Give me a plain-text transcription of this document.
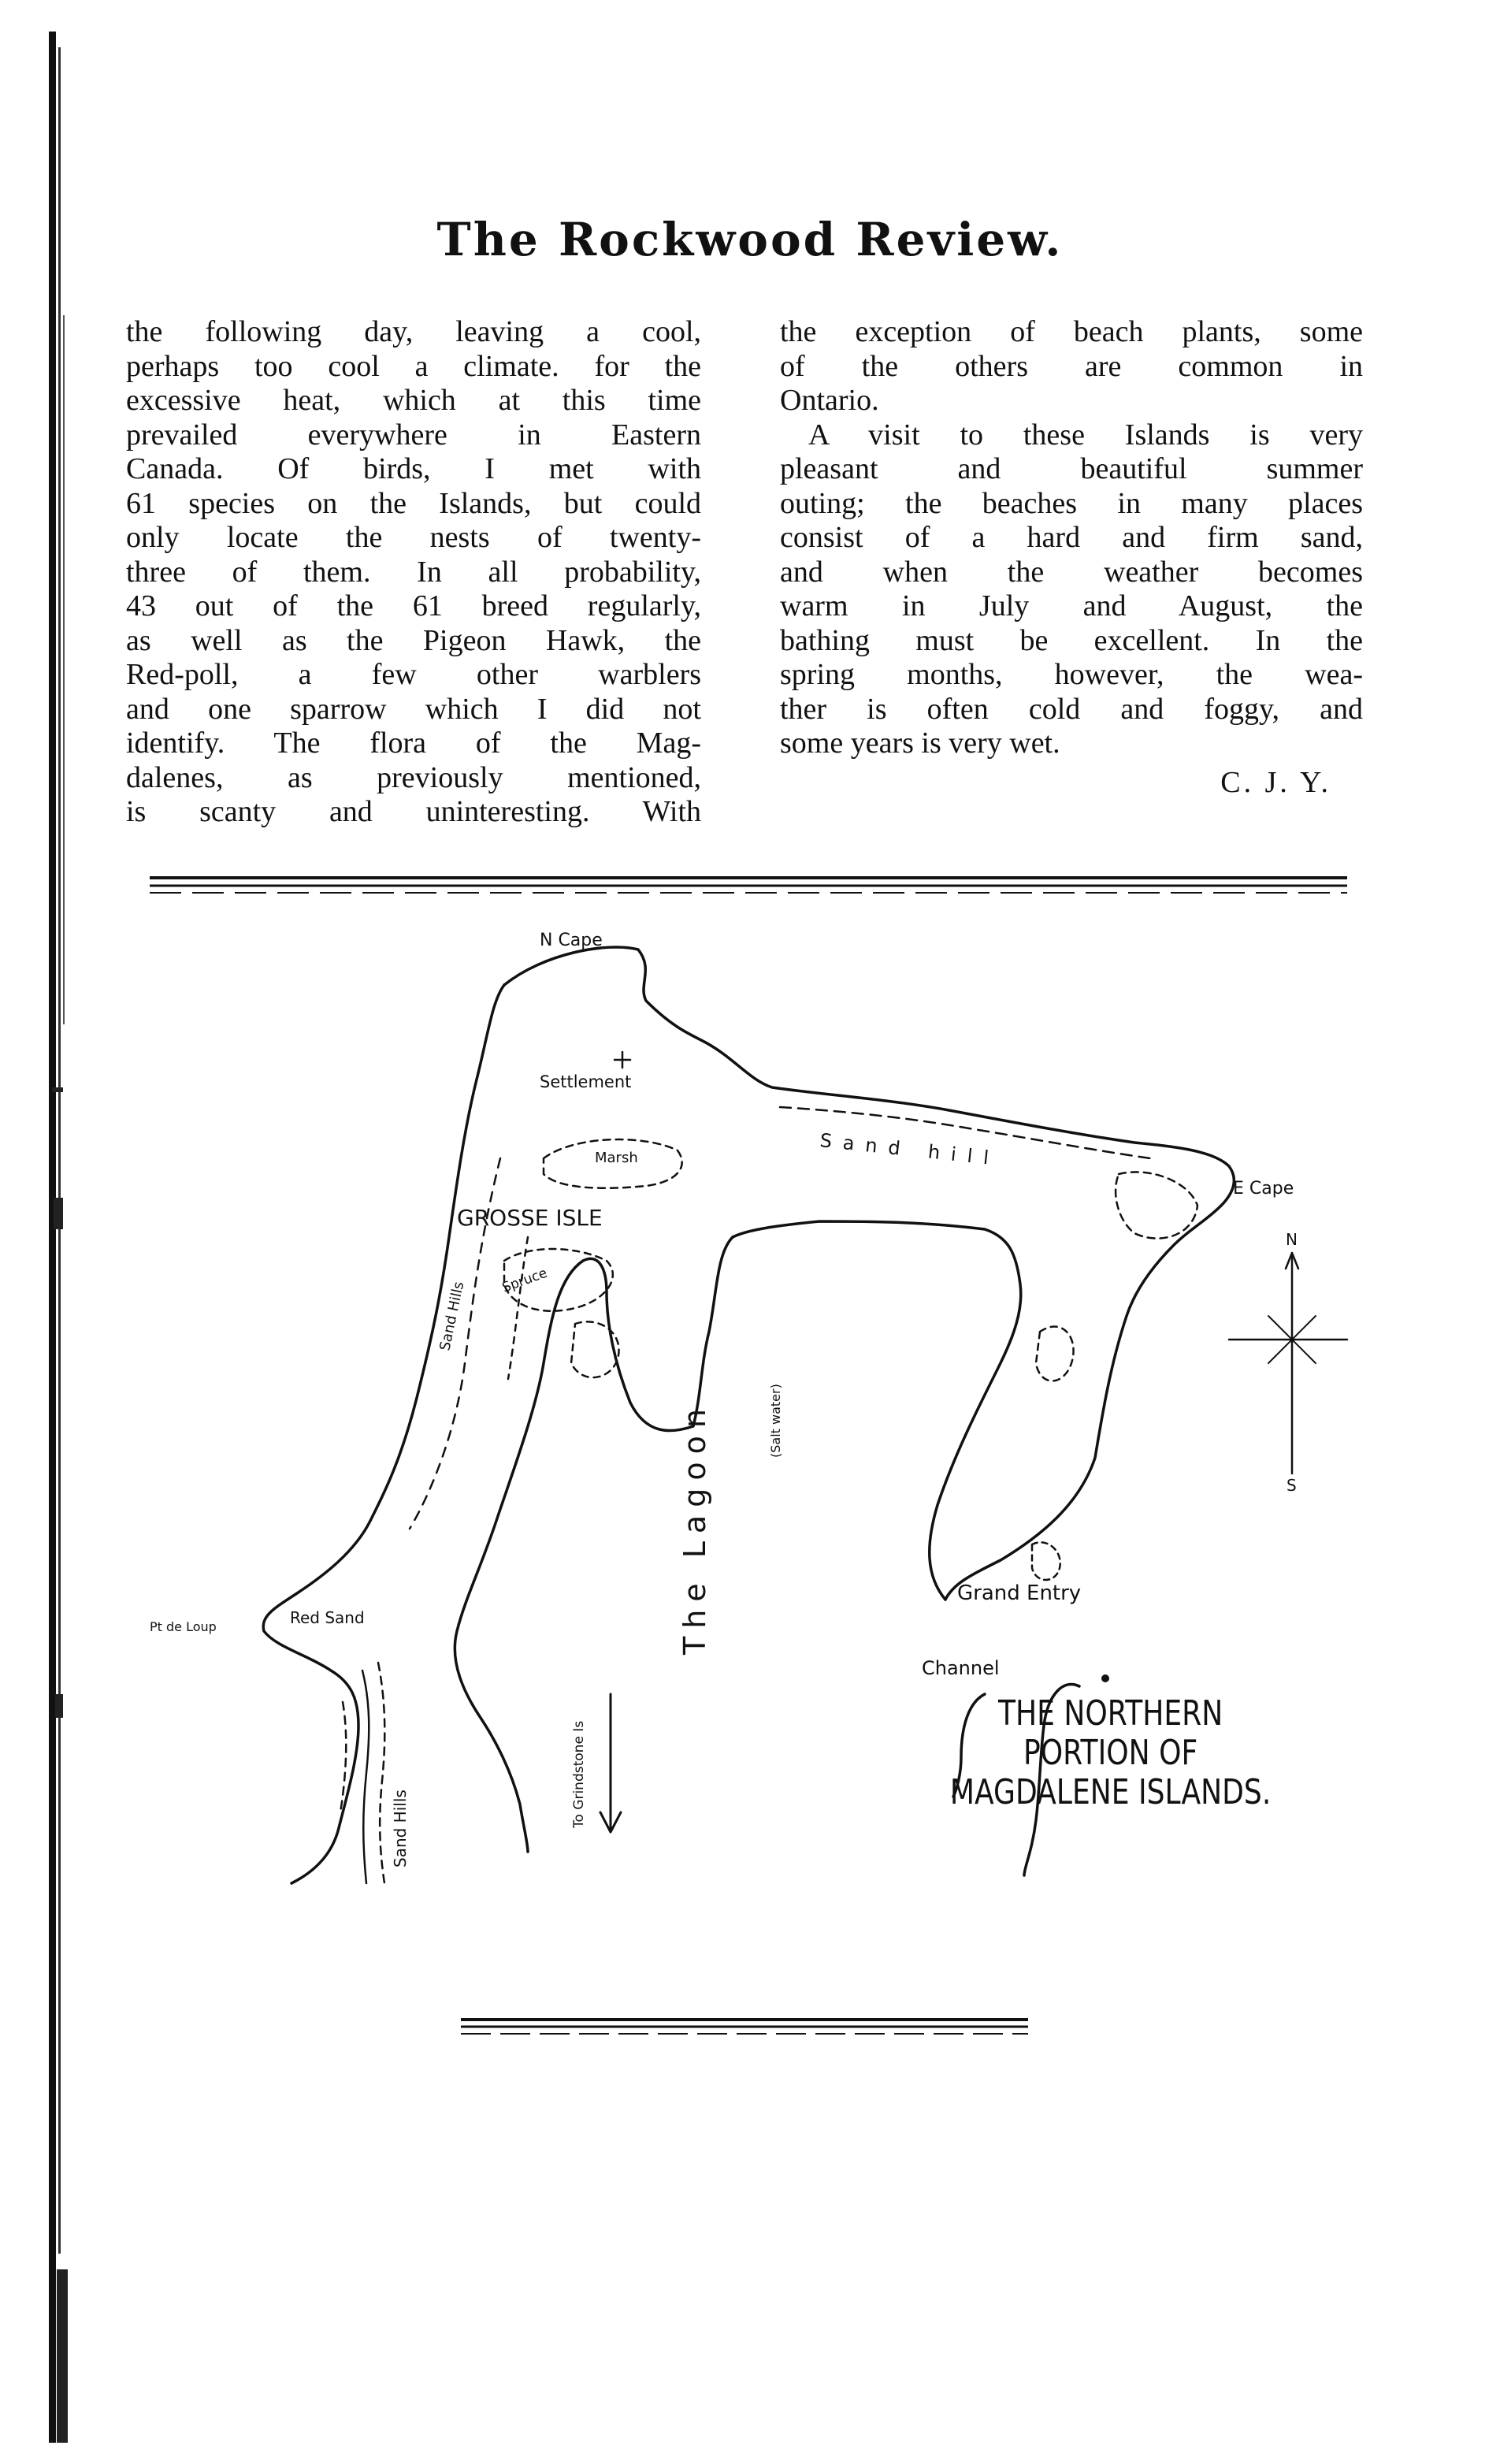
The Rockwood Review.

the following day, leaving a cool,
perhaps too cool a climate. for the
excessive heat, which at this time
prevailed everywhere in Eastern
Canada. Of birds, I met with
61 species on the Islands, but could
only locate the nests of twenty-
three of them. In all probability,
43 out of the 61 breed regularly,
as well as the Pigeon Hawk, the
Red-poll, a few other warblers
and one sparrow which I did not
identify. The flora of the Mag-
dalenes, as previously mentioned,
is scanty and uninteresting. With

the exception of beach plants, some
of the others are common in
Ontario.

A visit to these Islands is very
pleasant and beautiful summer
outing; the beaches in many places
consist of a hard and firm sand,
and when the weather becomes
warm in July and August, the
bathing must be excellent. In the
spring months, however, the wea-
ther is often cold and foggy, and
some years is very wet.

C. J. Y.
N Cape
Settlement
Marsh	Sand hill
E Cape
N
S
GROSSE ISLE
Sand Hills Spruce
The Lagoon	(Salt water)
Grand Entry
Channel
Red Sand
Pt de Loup
To Grindstone Is
Sand Hills
THE NORTHERN
PORTION OF
MAGDALENE ISLANDS.
